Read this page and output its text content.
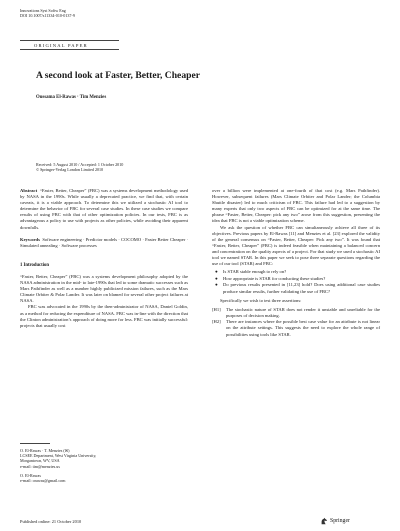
Innovations Syst Softw Eng
DOI 10.1007/s11334-010-0137-9
ORIGINAL PAPER
A second look at Faster, Better, Cheaper
Oussama El-Rawas · Tim Menzies
Received: 5 August 2010 / Accepted: 1 October 2010
© Springer-Verlag London Limited 2010

Abstract “Faster, Better, Cheaper” (FBC) was a systems development methodology used by NASA in the 1990s. While usually a deprecated practice, we find that, with certain caveats, it is a viable approach. To determine this we utilized a stochastic AI tool to determine the behavior of FBC for several case studies. In these case studies we compare results of using FBC with that of other optimization policies. In our tests, FBC is as advantageous a policy to use with projects as other policies, while avoiding their apparent downfalls.

Keywords Software engineering · Predictor models · COCOMO · Faster Better Cheaper · Simulated annealing · Software processes

1 Introduction

“Faster, Better, Cheaper” (FBC) was a systems development philosophy adopted by the NASA administration in the mid- to late-1990s that led to some dramatic successes such as Mars Pathfinder as well as a number highly publicized mission failures, such as the Mars Climate Orbiter & Polar Lander. It was later on blamed for several other project failures at NASA.

FBC was advocated in the 1990s by the then-administrator of NASA, Daniel Goldin, as a method for reducing the expenditure of NASA. FBC was in-line with the direction that the Clinton administration’s approach of doing more for less. FBC was initially successful: projects that usually cost

O. El-Rawas · T. Menzies (✉)
LCSEE Department, West Virginia University,
Morgantown, WV, USA
e-mail: tim@menzies.us
O. El-Rawas
e-mail: orawas@gmail.com
Published online: 21 October 2010

over a billion were implemented at one-fourth of that cost (e.g. Mars Pathfinder). However, subsequent failures (Mars Climate Orbiter and Polar Lander; the Columbia Shuttle disaster) led to much criticism of FBC. This failure had led to a suggestion by many experts that only two aspects of FBC can be optimized for at the same time. The phrase “Faster, Better, Cheaper: pick any two” arose from this suggestion, presenting the idea that FBC is not a viable optimization scheme.

We ask the question of whether FBC can simultaneously achieve all three of its objectives. Previous papers by El-Rawas [11] and Menzies et al. [23] explored the validity of the general consensus on “Faster, Better, Cheaper: Pick any two”. It was found that “Faster, Better, Cheaper” (FBC) is indeed feasible when maintaining a balanced concern and concentration on the quality aspects of a project. For that study we used a stochastic AI tool we named STAR. In this paper we seek to pose three separate questions regarding the use of our tool (STAR) and FBC:

● Is STAR stable enough to rely on?
● How appropriate is STAR for conducting these studies?
● Do previous results presented in [11,23] hold? Does using additional case studies produce similar results, further validating the use of FBC?

Specifically we wish to test three assertions:

[H1]	The stochastic nature of STAR does not render it unstable and unreliable for the purposes of decision making.
[H2]	There are instances where the possible best case value for an attribute is not linear on the attribute settings. This suggests the need to explore the whole range of possibilities using tools like STAR.
Springer
